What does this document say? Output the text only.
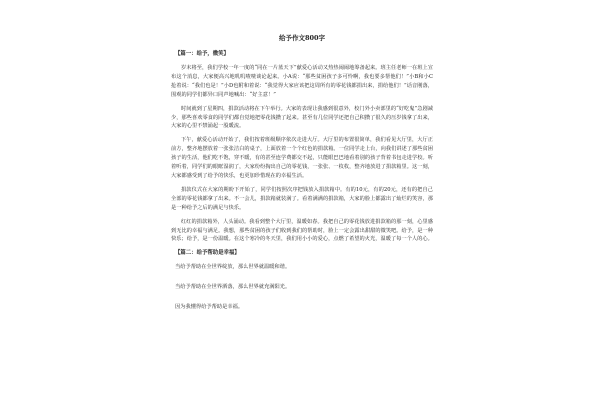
给予作文800字
【篇一：给予，微笑】

岁末将至，我们学校一年一度的“同在一片蓝天下”献爱心活动又热热闹闹地筹备起来。班主任老师一在班上宣布这个消息，大家便高兴地叽叽喳喳谈论起来。小A说：“那些贫困孩子多可怜啊，我也要多帮他们！”小B和小C抢着说：“我们也是！”小D也附和着说：“我觉得大家应该把这周所有的零花钱都捐出来，捐给他们！”话音刚落，围观的同学们都异口同声地喊出：“好主意！”

时间就到了星期四，捐款活动将在下午举行。大家的表现让我感到很意外，校门外小卖部里的“好吃鬼”急剧减少，那些喜欢零食的同学们都自觉地把零花钱攒了起来。甚至有几位同学还把自己积攒了很久的压岁钱拿了出来，大家的心里不禁涌起一股暖流。

下午，献爱心活动开始了，我们按着班级顺序依次走进大厅。大厅里的布置很简单，我们看见大厅里，大厅正前方，整齐地摆放着一张张洁白的桌子，上面放着一个个红色的捐款箱。一位同学走上台，向我们讲述了那些贫困孩子的生活，他们吃不饱，穿不暖，有的甚至连学费都交不起，只能眼巴巴地看着别的孩子背着书包走进学校。听着听着，同学们的眼眶湿润了，大家纷纷掏出自己的零花钱，一张张、一枚枚，整齐地放进了捐款箱里。这一刻，大家都感受到了给予的快乐，也更加珍惜现在的幸福生活。

捐款仪式在大家的期盼下开始了，同学们按照次序把钱放入捐款箱中。有的10元，有的20元，还有的把自己全部的零花钱都拿了出来。不一会儿，捐款箱就装满了。看着满满的捐款箱，大家的脸上都露出了灿烂的笑容，那是一种给予之后的满足与快乐。

红红的捐款箱外，人头涌动。我看到整个大厅里，温暖如春。我把自己的零花钱放进捐款箱的那一刻，心里感到无比的幸福与满足。我想，那些贫困的孩子们收到我们的帮助时，脸上一定会露出甜甜的微笑吧。给予，是一种快乐；给予，是一份温暖。在这个寒冷的冬天里，我们用小小的爱心，点燃了希望的火光，温暖了每一个人的心。

【篇二：给予帮助是幸福】

当给予帮助在全世界绽放，那么世界就温暖和谐。

当给予帮助在全世界洒落，那么世界就充满阳光。

因为我懂得给予帮助是幸福。
